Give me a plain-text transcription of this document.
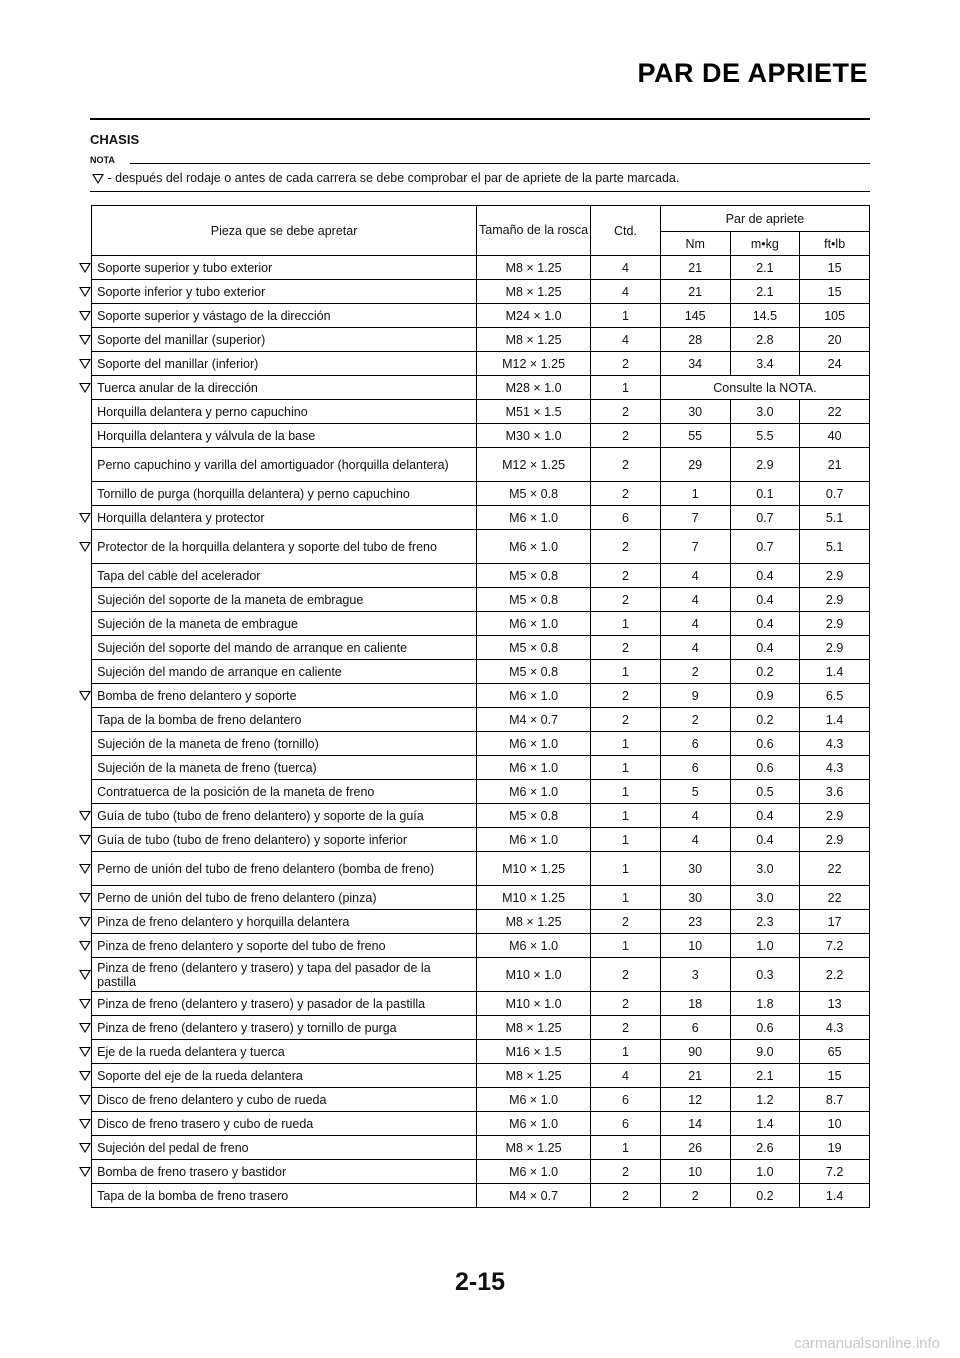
PAR DE APRIETE
CHASIS
NOTA
- después del rodaje o antes de cada carrera se debe comprobar el par de apriete de la parte marcada.
	Pieza que se debe apretar	Tamaño de la rosca	Ctd.	Par de apriete		
				Nm	m•kg	ft•lb
	Soporte superior y tubo exterior	M8 × 1.25	4	21	2.1	15
	Soporte inferior y tubo exterior	M8 × 1.25	4	21	2.1	15
	Soporte superior y vástago de la dirección	M24 × 1.0	1	145	14.5	105
	Soporte del manillar (superior)	M8 × 1.25	4	28	2.8	20
	Soporte del manillar (inferior)	M12 × 1.25	2	34	3.4	24
	Tuerca anular de la dirección	M28 × 1.0	1	Consulte la NOTA.		
	Horquilla delantera y perno capuchino	M51 × 1.5	2	30	3.0	22
	Horquilla delantera y válvula de la base	M30 × 1.0	2	55	5.5	40
	Perno capuchino y varilla del amortiguador (horquilla delantera)	M12 × 1.25	2	29	2.9	21
	Tornillo de purga (horquilla delantera) y perno capuchino	M5 × 0.8	2	1	0.1	0.7
	Horquilla delantera y protector	M6 × 1.0	6	7	0.7	5.1
	Protector de la horquilla delantera y soporte del tubo de freno	M6 × 1.0	2	7	0.7	5.1
	Tapa del cable del acelerador	M5 × 0.8	2	4	0.4	2.9
	Sujeción del soporte de la maneta de embrague	M5 × 0.8	2	4	0.4	2.9
	Sujeción de la maneta de embrague	M6 × 1.0	1	4	0.4	2.9
	Sujeción del soporte del mando de arranque en caliente	M5 × 0.8	2	4	0.4	2.9
	Sujeción del mando de arranque en caliente	M5 × 0.8	1	2	0.2	1.4
	Bomba de freno delantero y soporte	M6 × 1.0	2	9	0.9	6.5
	Tapa de la bomba de freno delantero	M4 × 0.7	2	2	0.2	1.4
	Sujeción de la maneta de freno (tornillo)	M6 × 1.0	1	6	0.6	4.3
	Sujeción de la maneta de freno (tuerca)	M6 × 1.0	1	6	0.6	4.3
	Contratuerca de la posición de la maneta de freno	M6 × 1.0	1	5	0.5	3.6
	Guía de tubo (tubo de freno delantero) y soporte de la guía	M5 × 0.8	1	4	0.4	2.9
	Guía de tubo (tubo de freno delantero) y soporte inferior	M6 × 1.0	1	4	0.4	2.9
	Perno de unión del tubo de freno delantero (bomba de freno)	M10 × 1.25	1	30	3.0	22
	Perno de unión del tubo de freno delantero (pinza)	M10 × 1.25	1	30	3.0	22
	Pinza de freno delantero y horquilla delantera	M8 × 1.25	2	23	2.3	17
	Pinza de freno delantero y soporte del tubo de freno	M6 × 1.0	1	10	1.0	7.2
	Pinza de freno (delantero y trasero) y tapa del pasador de la pastilla	M10 × 1.0	2	3	0.3	2.2
	Pinza de freno (delantero y trasero) y pasador de la pastilla	M10 × 1.0	2	18	1.8	13
	Pinza de freno (delantero y trasero) y tornillo de purga	M8 × 1.25	2	6	0.6	4.3
	Eje de la rueda delantera y tuerca	M16 × 1.5	1	90	9.0	65
	Soporte del eje de la rueda delantera	M8 × 1.25	4	21	2.1	15
	Disco de freno delantero y cubo de rueda	M6 × 1.0	6	12	1.2	8.7
	Disco de freno trasero y cubo de rueda	M6 × 1.0	6	14	1.4	10
	Sujeción del pedal de freno	M8 × 1.25	1	26	2.6	19
	Bomba de freno trasero y bastidor	M6 × 1.0	2	10	1.0	7.2
	Tapa de la bomba de freno trasero	M4 × 0.7	2	2	0.2	1.4
2-15
carmanualsonline.info
